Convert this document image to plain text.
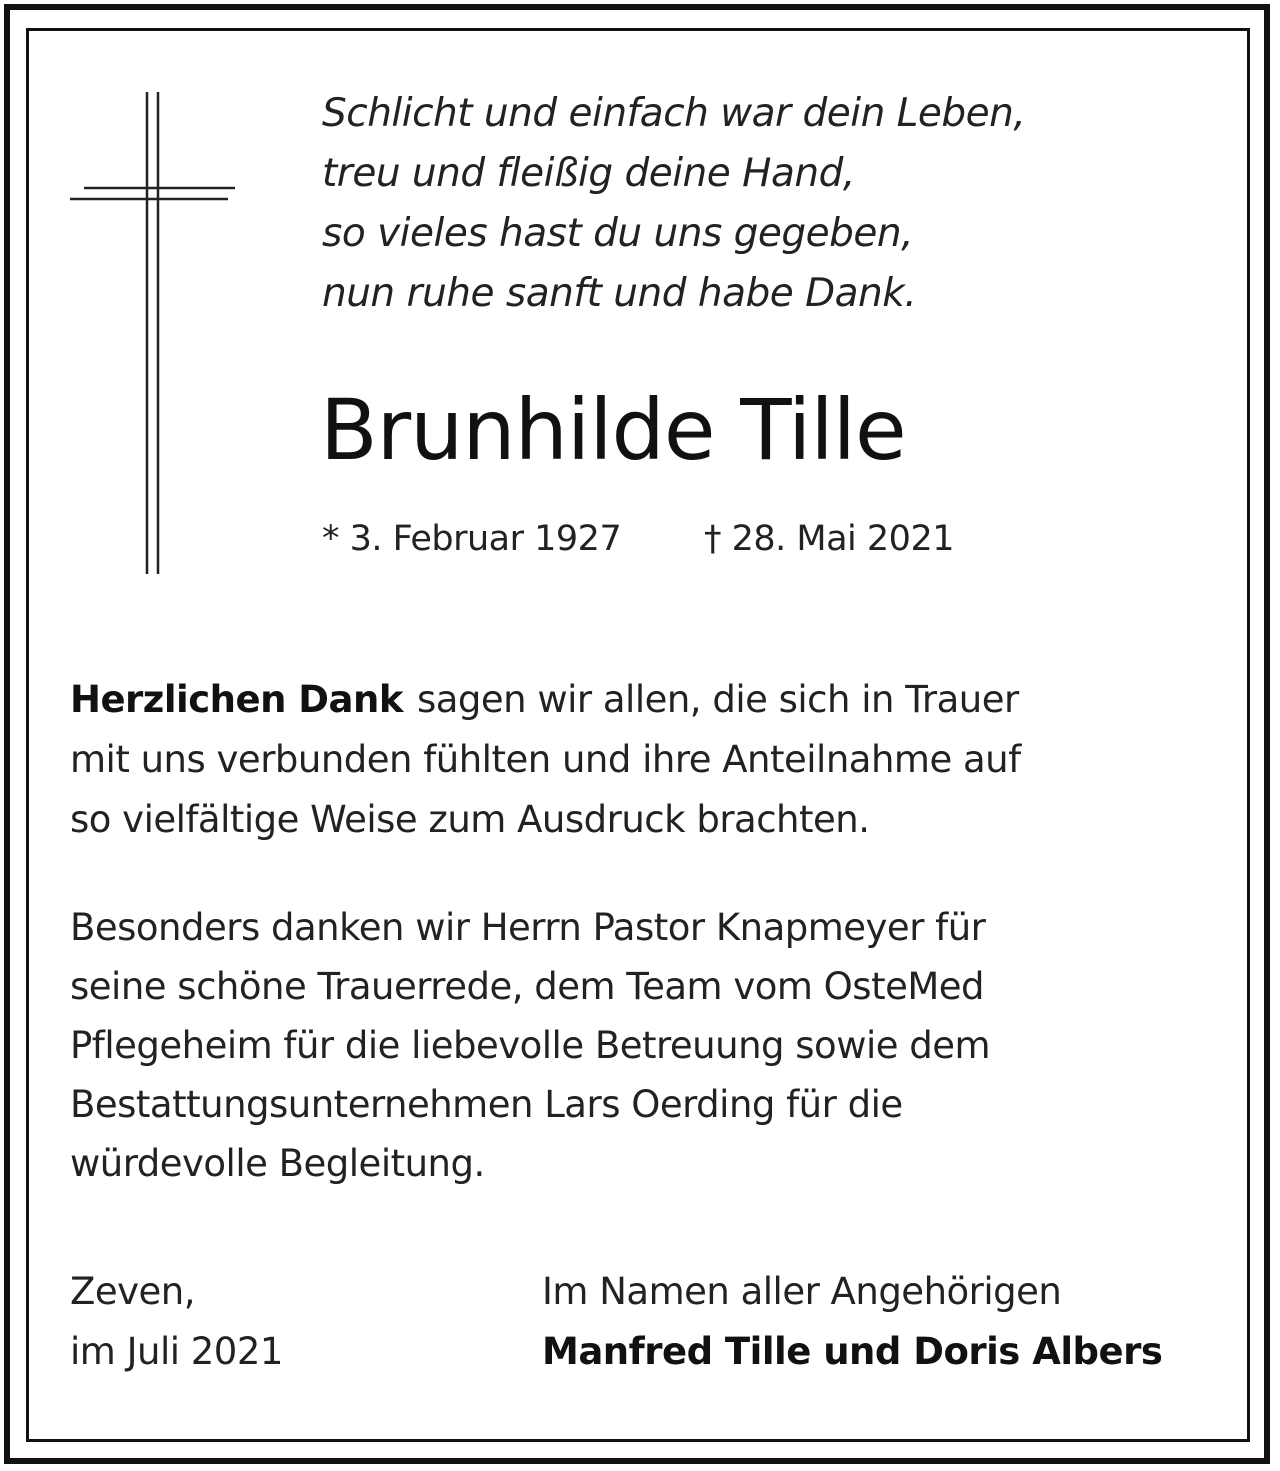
Schlicht und einfach war dein Leben,
treu und fleißig deine Hand,
so vieles hast du uns gegeben,
nun ruhe sanft und habe Dank.
Brunhilde Tille
* 3. Februar 1927 † 28. Mai 2021
Herzlichen Dank sagen wir allen, die sich in Trauer
mit uns verbunden fühlten und ihre Anteilnahme auf
so vielfältige Weise zum Ausdruck brachten.
Besonders danken wir Herrn Pastor Knapmeyer für
seine schöne Trauerrede, dem Team vom OsteMed
Pflegeheim für die liebevolle Betreuung sowie dem
Bestattungsunternehmen Lars Oerding für die
würdevolle Begleitung.
Zeven,
im Juli 2021
Im Namen aller Angehörigen
Manfred Tille und Doris Albers
